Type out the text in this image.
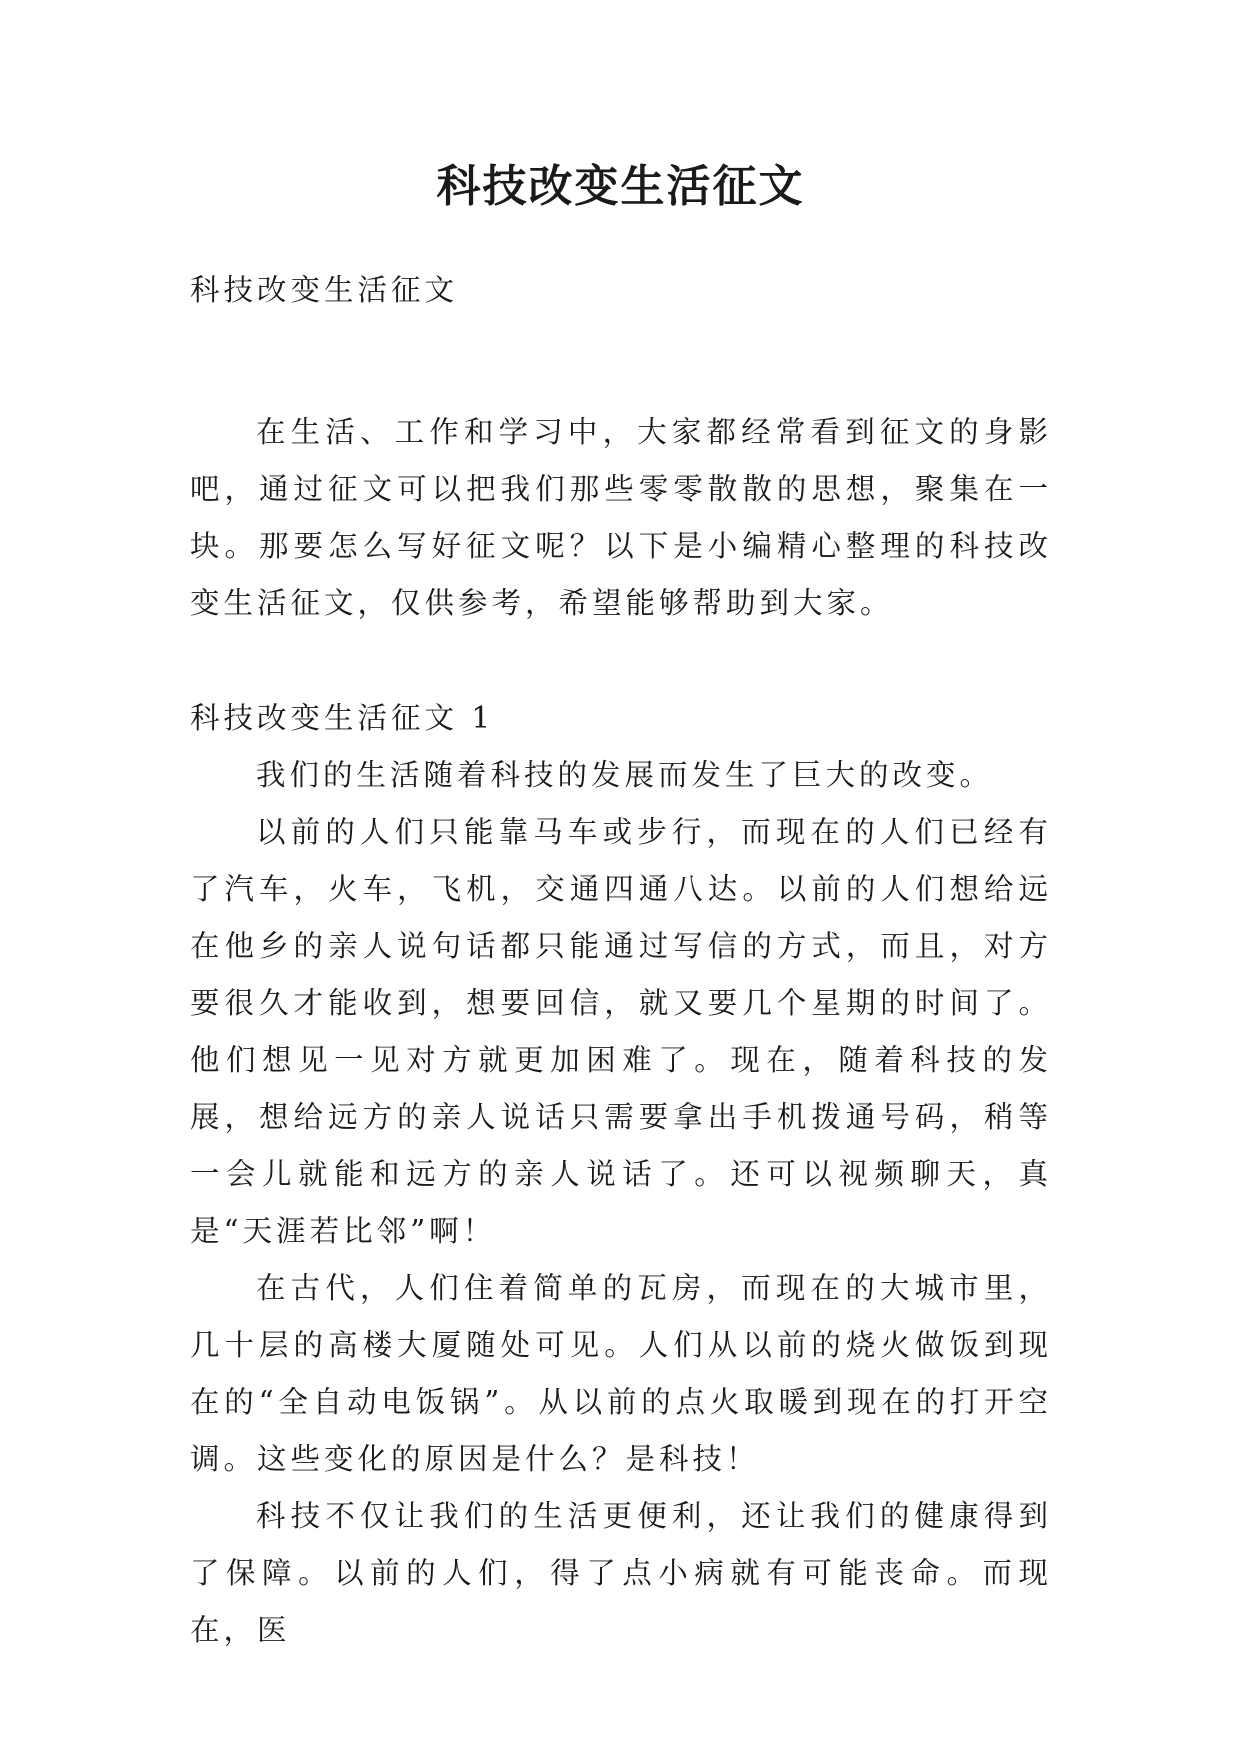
科技改变生活征文

科技改变生活征文

在生活、工作和学习中，大家都经常看到征文的身影吧，通过征文可以把我们那些零零散散的思想，聚集在一块。那要怎么写好征文呢？以下是小编精心整理的科技改变生活征文，仅供参考，希望能够帮助到大家。

科技改变生活征文 1

我们的生活随着科技的发展而发生了巨大的改变。

以前的人们只能靠马车或步行，而现在的人们已经有了汽车，火车，飞机，交通四通八达。以前的人们想给远在他乡的亲人说句话都只能通过写信的方式，而且，对方要很久才能收到，想要回信，就又要几个星期的时间了。他们想见一见对方就更加困难了。现在，随着科技的发展，想给远方的亲人说话只需要拿出手机拨通号码，稍等一会儿就能和远方的亲人说话了。还可以视频聊天，真是“天涯若比邻”啊！

在古代，人们住着简单的瓦房，而现在的大城市里，几十层的高楼大厦随处可见。人们从以前的烧火做饭到现在的“全自动电饭锅”。从以前的点火取暖到现在的打开空调。这些变化的原因是什么？是科技！

科技不仅让我们的生活更便利，还让我们的健康得到了保障。以前的人们，得了点小病就有可能丧命。而现在，医
